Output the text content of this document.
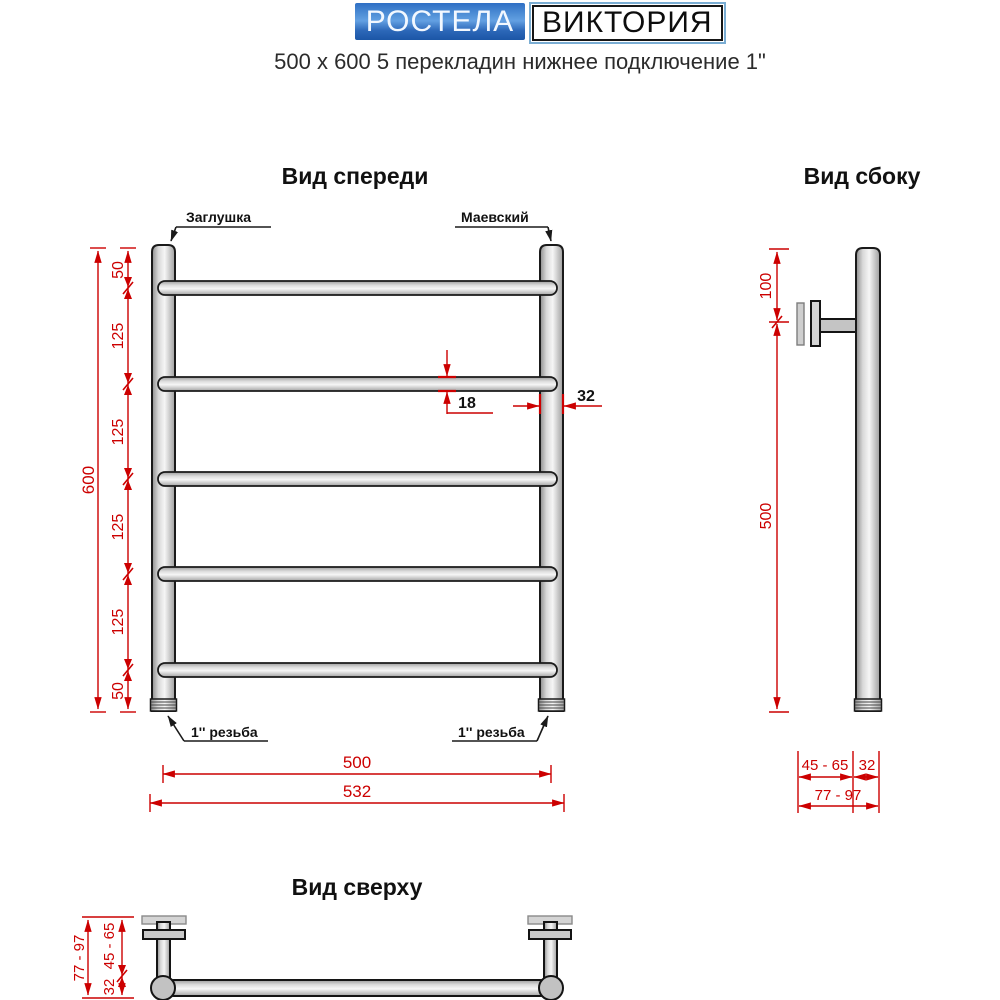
РОСТЕЛА ВИКТОРИЯ
500 х 600 5 перекладин нижнее подключение 1"
Вид спереди	Вид сбоку
Вид сверху
Заглушка	Маевский
1'' резьба	1'' резьба
600
50
125
125
125
125
50
18	32
500
532
100
500
45 - 65 32
77 - 97
77 - 97 45 - 65
32
